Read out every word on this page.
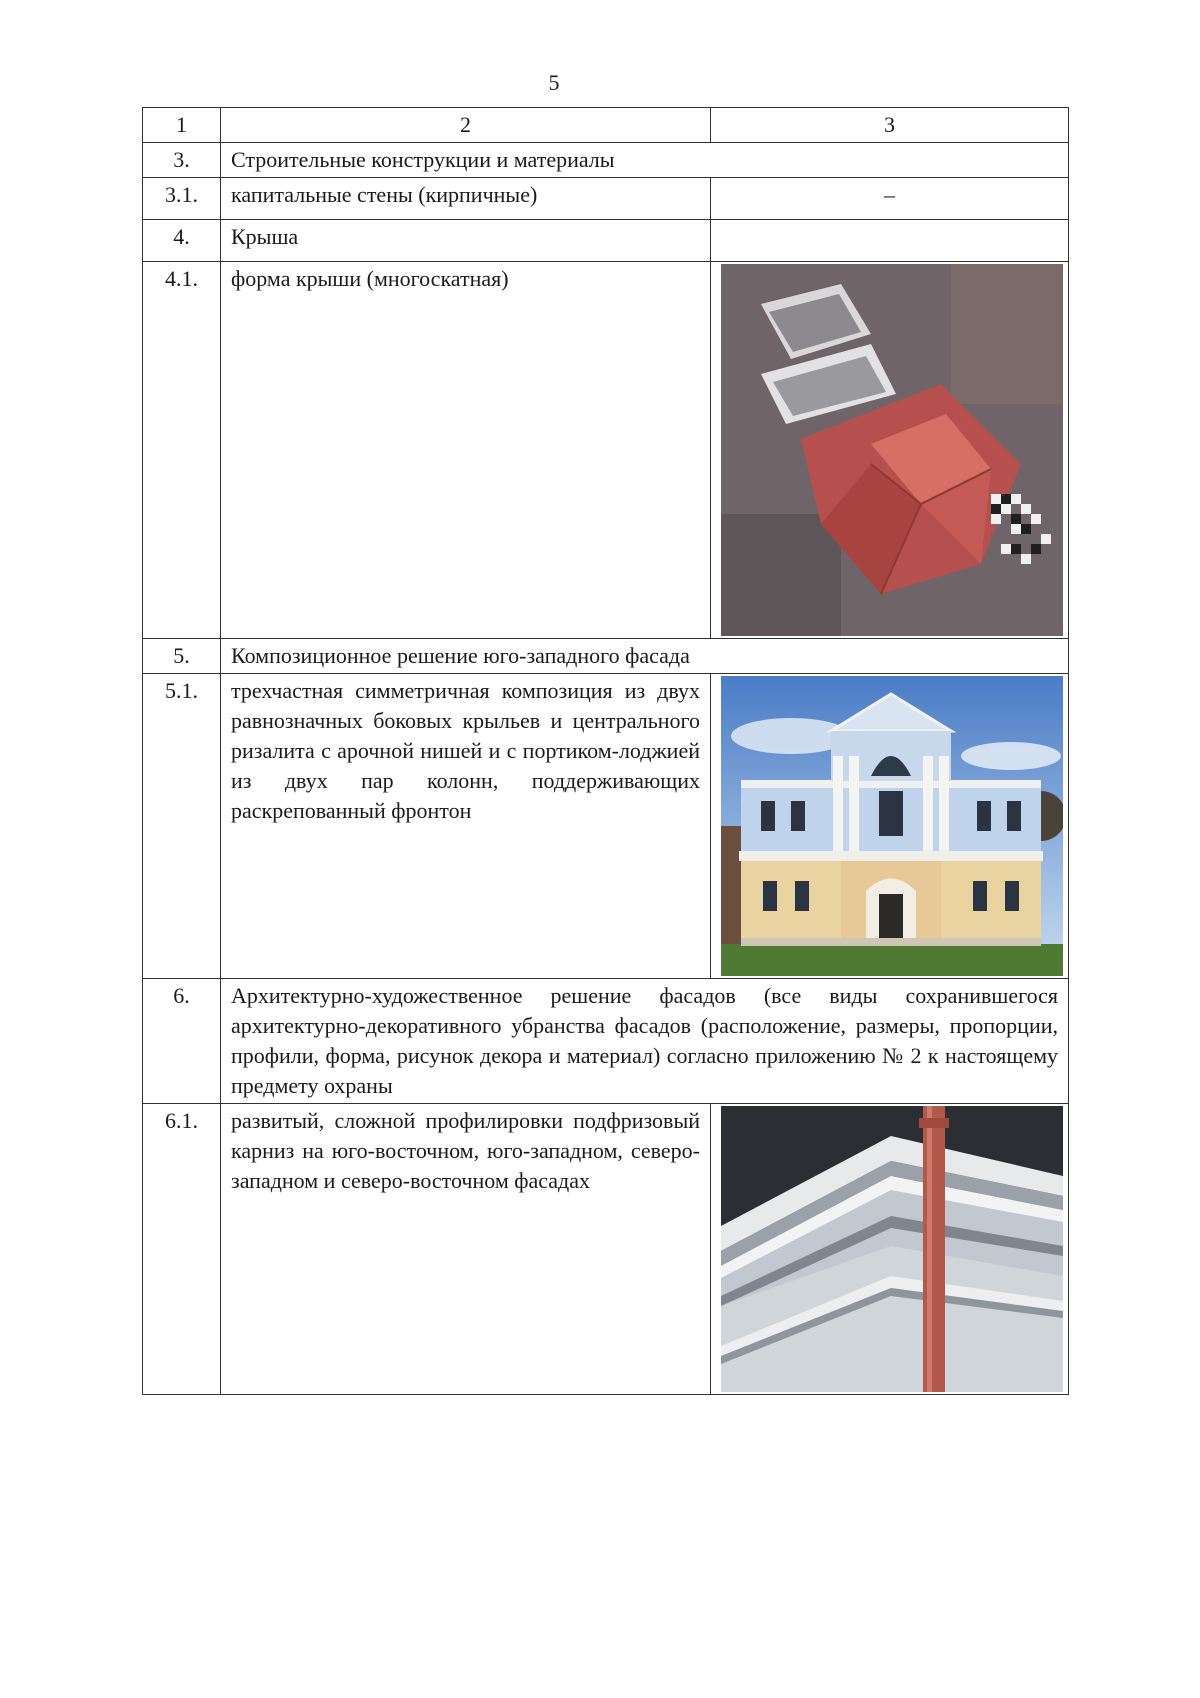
5
1	2	3
3.	Строительные конструкции и материалы	
3.1.	капитальные стены (кирпичные)	–
4.	Крыша	
4.1.	форма крыши (многоскатная)	

5.	Композиционное решение юго-западного фасада	
5.1.	трехчастная симметричная композиция из двух равнозначных боковых крыльев и центрального ризалита с арочной нишей и с портиком-лоджией из двух пар колонн, поддерживающих раскрепованный фронтон	

6.	Архитектурно-художественное решение фасадов (все виды сохранившегося архитектурно-декоративного убранства фасадов (расположение, размеры, пропорции, профили, форма, рисунок декора и материал) согласно приложению № 2 к настоящему предмету охраны	
6.1.	развитый, сложной профилировки подфризовый карниз на юго-восточном, юго-западном, северо-западном и северо-восточном фасадах	
